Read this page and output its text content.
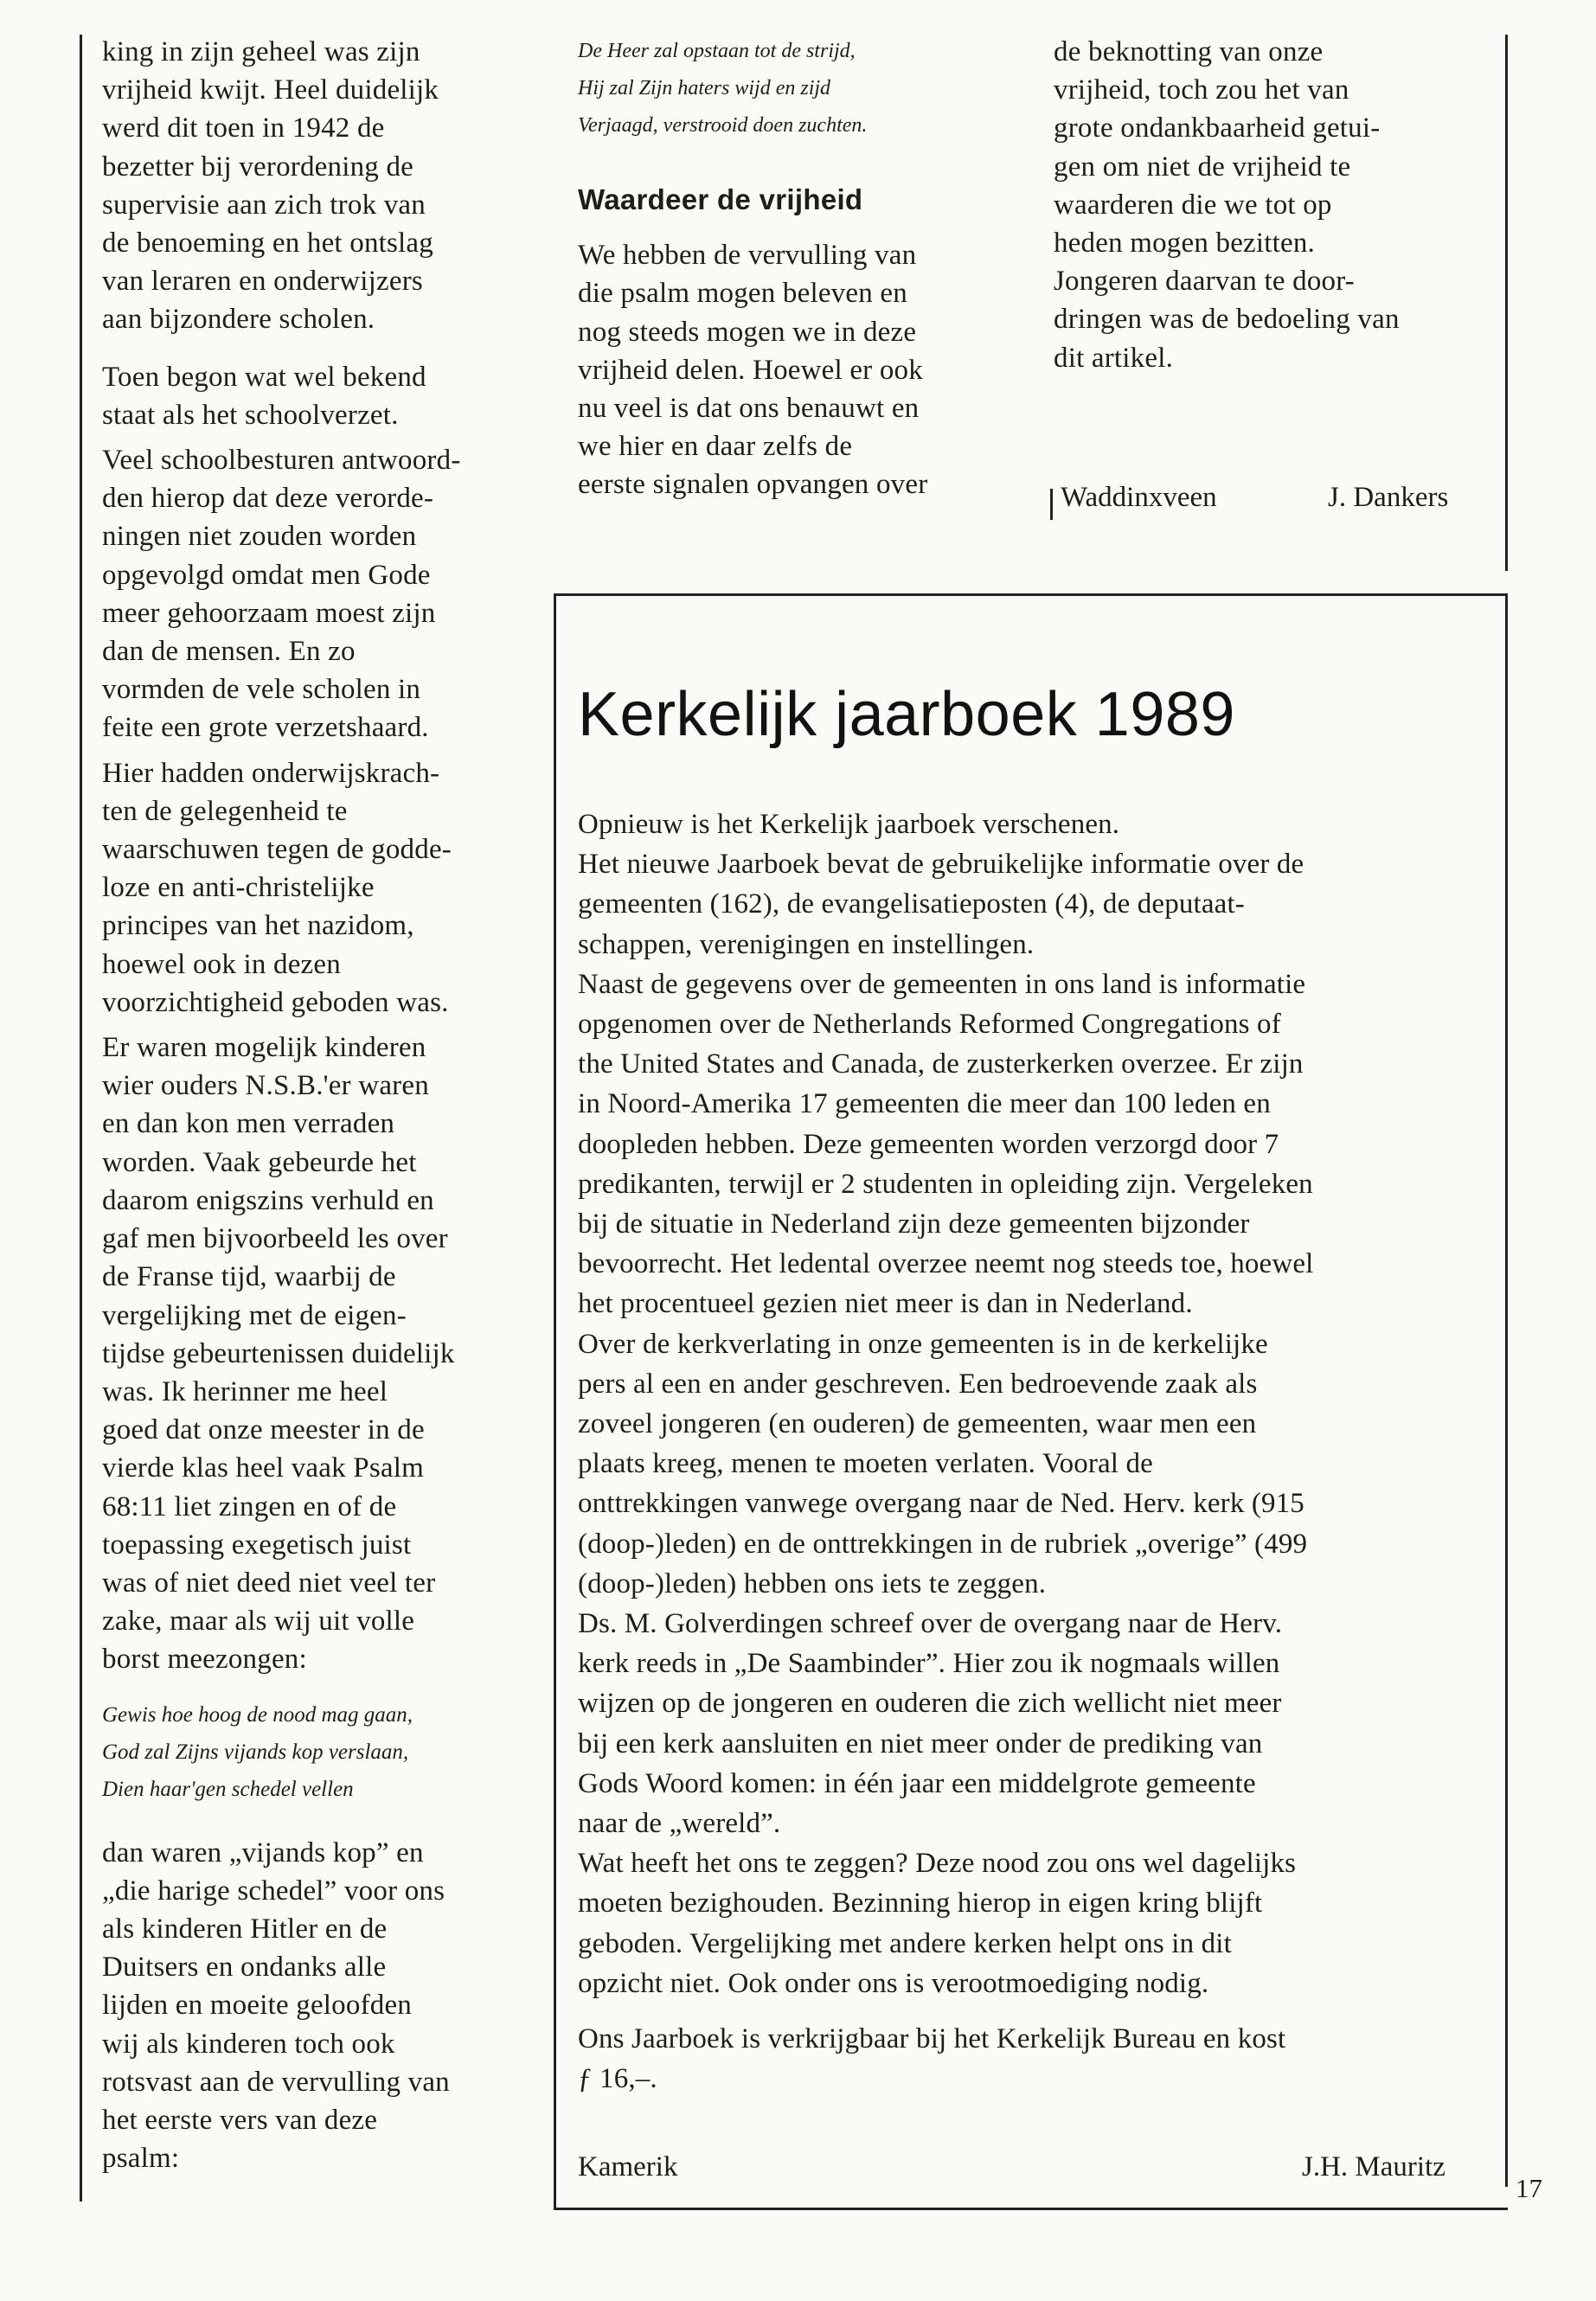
king in zijn geheel was zijn
vrijheid kwijt. Heel duidelijk
werd dit toen in 1942 de
bezetter bij verordening de
supervisie aan zich trok van
de benoeming en het ontslag
van leraren en onderwijzers
aan bijzondere scholen.
Toen begon wat wel bekend
staat als het schoolverzet.
Veel schoolbesturen antwoord-
den hierop dat deze verorde-
ningen niet zouden worden
opgevolgd omdat men Gode
meer gehoorzaam moest zijn
dan de mensen. En zo
vormden de vele scholen in
feite een grote verzetshaard.
Hier hadden onderwijskrach-
ten de gelegenheid te
waarschuwen tegen de godde-
loze en anti-christelijke
principes van het nazidom,
hoewel ook in dezen
voorzichtigheid geboden was.
Er waren mogelijk kinderen
wier ouders N.S.B.'er waren
en dan kon men verraden
worden. Vaak gebeurde het
daarom enigszins verhuld en
gaf men bijvoorbeeld les over
de Franse tijd, waarbij de
vergelijking met de eigen-
tijdse gebeurtenissen duidelijk
was. Ik herinner me heel
goed dat onze meester in de
vierde klas heel vaak Psalm
68:11 liet zingen en of de
toepassing exegetisch juist
was of niet deed niet veel ter
zake, maar als wij uit volle
borst meezongen:
Gewis hoe hoog de nood mag gaan,
God zal Zijns vijands kop verslaan,
Dien haar'gen schedel vellen
dan waren „vijands kop” en
„die harige schedel” voor ons
als kinderen Hitler en de
Duitsers en ondanks alle
lijden en moeite geloofden
wij als kinderen toch ook
rotsvast aan de vervulling van
het eerste vers van deze
psalm:
De Heer zal opstaan tot de strijd,
Hij zal Zijn haters wijd en zijd
Verjaagd, verstrooid doen zuchten.
Waardeer de vrijheid
We hebben de vervulling van
die psalm mogen beleven en
nog steeds mogen we in deze
vrijheid delen. Hoewel er ook
nu veel is dat ons benauwt en
we hier en daar zelfs de
eerste signalen opvangen over
de beknotting van onze
vrijheid, toch zou het van
grote ondankbaarheid getui-
gen om niet de vrijheid te
waarderen die we tot op
heden mogen bezitten.
Jongeren daarvan te door-
dringen was de bedoeling van
dit artikel.
Waddinxveen	J. Dankers
Kerkelijk jaarboek 1989
Opnieuw is het Kerkelijk jaarboek verschenen.
Het nieuwe Jaarboek bevat de gebruikelijke informatie over de
gemeenten (162), de evangelisatieposten (4), de deputaat-
schappen, verenigingen en instellingen.
Naast de gegevens over de gemeenten in ons land is informatie
opgenomen over de Netherlands Reformed Congregations of
the United States and Canada, de zusterkerken overzee. Er zijn
in Noord-Amerika 17 gemeenten die meer dan 100 leden en
doopleden hebben. Deze gemeenten worden verzorgd door 7
predikanten, terwijl er 2 studenten in opleiding zijn. Vergeleken
bij de situatie in Nederland zijn deze gemeenten bijzonder
bevoorrecht. Het ledental overzee neemt nog steeds toe, hoewel
het procentueel gezien niet meer is dan in Nederland.
Over de kerkverlating in onze gemeenten is in de kerkelijke
pers al een en ander geschreven. Een bedroevende zaak als
zoveel jongeren (en ouderen) de gemeenten, waar men een
plaats kreeg, menen te moeten verlaten. Vooral de
onttrekkingen vanwege overgang naar de Ned. Herv. kerk (915
(doop-)leden) en de onttrekkingen in de rubriek „overige” (499
(doop-)leden) hebben ons iets te zeggen.
Ds. M. Golverdingen schreef over de overgang naar de Herv.
kerk reeds in „De Saambinder”. Hier zou ik nogmaals willen
wijzen op de jongeren en ouderen die zich wellicht niet meer
bij een kerk aansluiten en niet meer onder de prediking van
Gods Woord komen: in één jaar een middelgrote gemeente
naar de „wereld”.
Wat heeft het ons te zeggen? Deze nood zou ons wel dagelijks
moeten bezighouden. Bezinning hierop in eigen kring blijft
geboden. Vergelijking met andere kerken helpt ons in dit
opzicht niet. Ook onder ons is verootmoediging nodig.
Ons Jaarboek is verkrijgbaar bij het Kerkelijk Bureau en kost
ƒ 16,–.
Kamerik	J.H. Mauritz
17
